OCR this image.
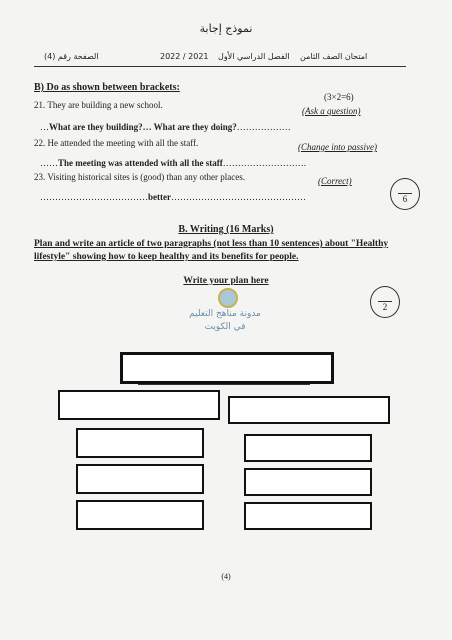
نموذج إجابة
امتحان الصف الثامن
الفصل الدراسي الأول
2022 / 2021
الصفحة رقم (4)
B) Do as shown between brackets:
21. They are building a new school.
(3×2=6)
(Ask a question)
…What are they building?… What are they doing?………………
22. He attended the meeting with all the staff.	(Change into passive)
……The meeting was attended with all the staff……………………….
23. Visiting historical sites is (good) than any other places.	(Correct)
………………………………better………………………………………	6
B. Writing (16 Marks)
Plan and write an article of two paragraphs (not less than 10 sentences) about "Healthy lifestyle" showing how to keep healthy and its benefits for people.
Write your plan here
2
مدونة مناهج التعليم
في الكويت
(4)
